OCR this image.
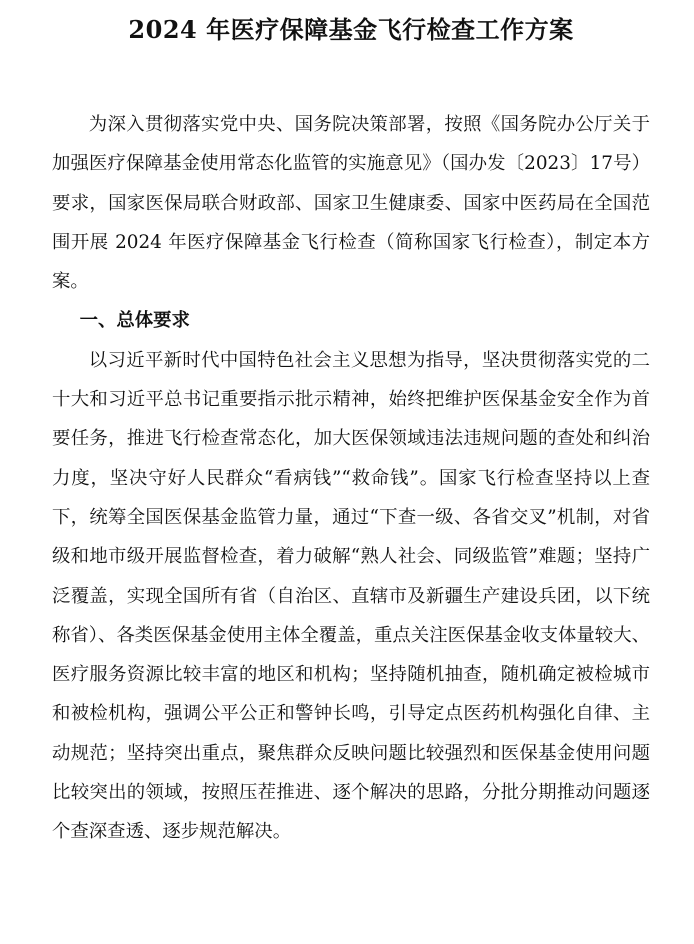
2024 年医疗保障基金飞行检查工作方案

为深入贯彻落实党中央、国务院决策部署，按照《国务院办公厅关于加强医疗保障基金使用常态化监管的实施意见》（国办发〔2023〕17号）要求，国家医保局联合财政部、国家卫生健康委、国家中医药局在全国范围开展 2024 年医疗保障基金飞行检查（简称国家飞行检查），制定本方案。

一、总体要求

以习近平新时代中国特色社会主义思想为指导，坚决贯彻落实党的二十大和习近平总书记重要指示批示精神，始终把维护医保基金安全作为首要任务，推进飞行检查常态化，加大医保领域违法违规问题的查处和纠治力度，坚决守好人民群众“看病钱”“救命钱”。国家飞行检查坚持以上查下，统筹全国医保基金监管力量，通过“下查一级、各省交叉”机制，对省级和地市级开展监督检查，着力破解“熟人社会、同级监管”难题；坚持广泛覆盖，实现全国所有省（自治区、直辖市及新疆生产建设兵团，以下统称省）、各类医保基金使用主体全覆盖，重点关注医保基金收支体量较大、医疗服务资源比较丰富的地区和机构；坚持随机抽查，随机确定被检城市和被检机构，强调公平公正和警钟长鸣，引导定点医药机构强化自律、主动规范；坚持突出重点，聚焦群众反映问题比较强烈和医保基金使用问题比较突出的领域，按照压茬推进、逐个解决的思路，分批分期推动问题逐个查深查透、逐步规范解决。
